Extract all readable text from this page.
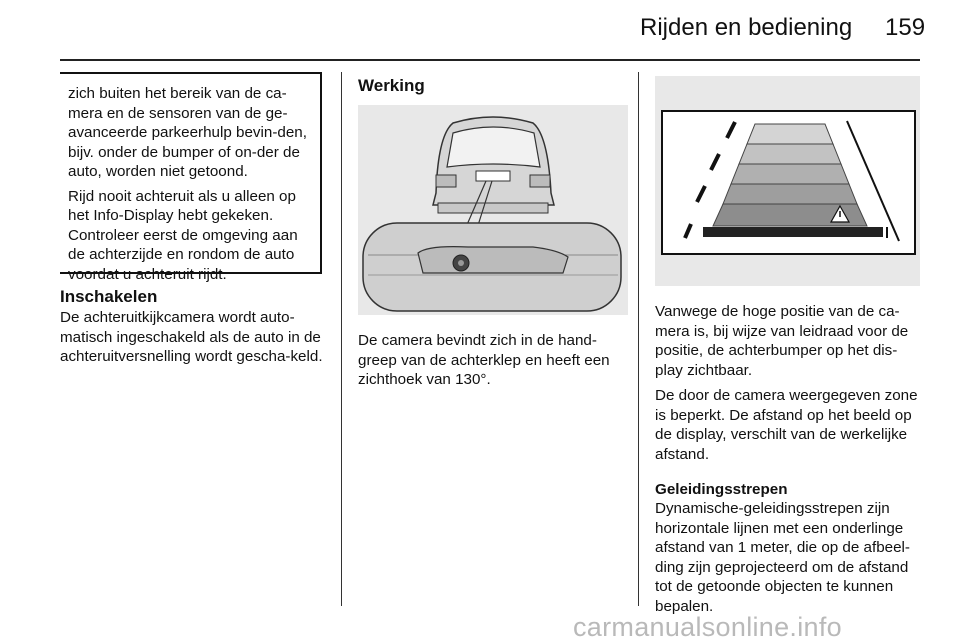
Rijden en bediening 159

zich buiten het bereik van de ca-mera en de sensoren van de ge-avanceerde parkeerhulp bevin-den, bijv. onder de bumper of on-der de auto, worden niet getoond.

Rijd nooit achteruit als u alleen op het Info-Display hebt gekeken. Controleer eerst de omgeving aan de achterzijde en rondom de auto voordat u achteruit rijdt.

Inschakelen

De achteruitkijkcamera wordt auto-matisch ingeschakeld als de auto in de achteruitversnelling wordt gescha-keld.

Werking

De camera bevindt zich in de hand-greep van de achterklep en heeft een zichthoek van 130°.

Vanwege de hoge positie van de ca-mera is, bij wijze van leidraad voor de positie, de achterbumper op het dis-play zichtbaar.

De door de camera weergegeven zone is beperkt. De afstand op het beeld op de display, verschilt van de werkelijke afstand.

Geleidingsstrepen

Dynamische-geleidingsstrepen zijn horizontale lijnen met een onderlinge afstand van 1 meter, die op de afbeel-ding zijn geprojecteerd om de afstand tot de getoonde objecten te kunnen bepalen.

carmanualsonline.info
